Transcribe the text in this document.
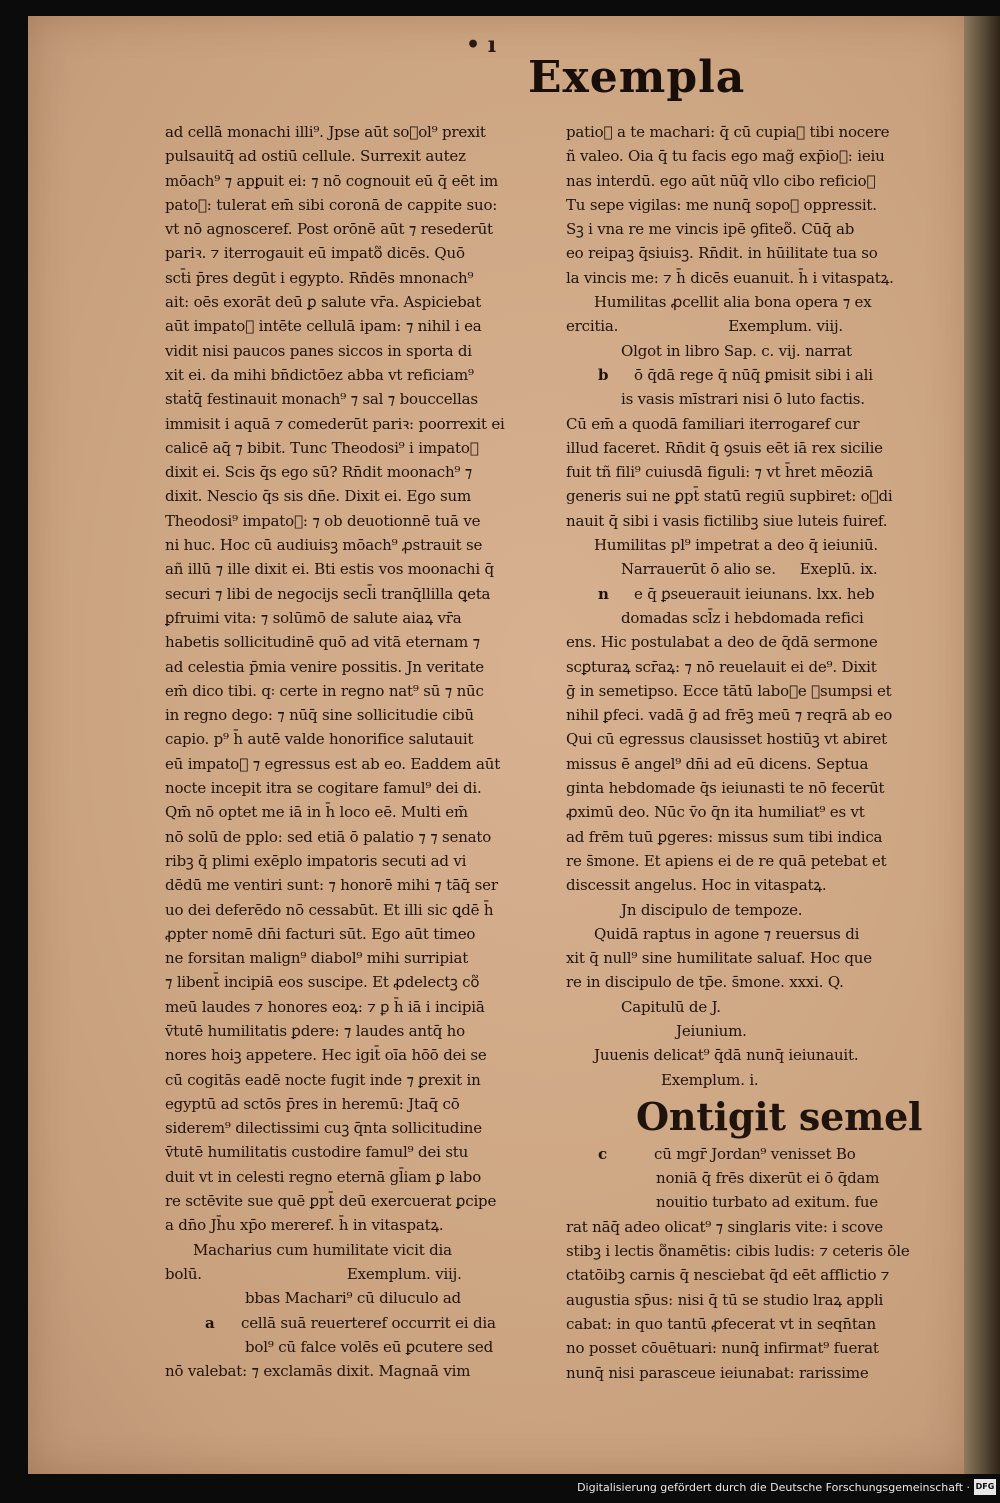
• ı
Exempla
ad cellā monachi illi⁹. Jpse aūt so᷑ol⁹ prexit
pulsauitq̄ ad ostiū cellule. Surrexit autez
mōach⁹ ⁊ apꝑuit ei: ⁊ nō cognouit eū q̄ eēt im
pato᷑: tulerat em̄ sibi coronā de cappite suo:
vt nō agnosceref. Post orōnē aūt ⁊ resederūt
pariꝛ. ⁊ iterrogauit eū impato᷑ dicēs. Quō
sct̄i p̄res degūt i egypto. Rn̄dēs mnonach⁹
ait: oēs exorāt deū ꝑ salute vr̄a. Aspiciebat
aūt impato᷑ intēte cellulā ipam: ⁊ nihil i ea
vidit nisi paucos panes siccos in sporta di
xit ei. da mihi bn̄dictōez abba vt reficiam⁹
staṫq̄ festinauit monach⁹ ⁊ sal ⁊ bouccellas
immisit i aquā ⁊ comederūt pariꝛ: poorrexit ei
calicē aq̄ ⁊ bibit. Tunc Theodosi⁹ i impato᷑
dixit ei. Scis q̄s ego sū? Rn̄dit moonach⁹ ⁊
dixit. Nescio q̄s sis dn̄e. Dixit ei. Ego sum
Theodosi⁹ impato᷑: ⁊ ob deuotionnē tuā ve
ni huc. Hoc cū audiuisꝫ mōach⁹ ꝓstrauit se
añ illū ⁊ ille dixit ei. Bti estis vos moonachi q̄
securi ⁊ libi de negocijs secl̄i tranq̄llilla ꝗeta
ꝑfruimi vita: ⁊ solūmō de salute aiaꝝ vr̄a
habetis sollicitudinē quō ad vitā eternam ⁊
ad celestia p̄mia venire possitis. Jn veritate
em̄ dico tibi. q꞉ certe in regno nat⁹ sū ⁊ nūc
in regno dego: ⁊ nūq̄ sine sollicitudie cibū
capio. p⁹ h̄ autē valde honorifice salutauit
eū impato᷑ ⁊ egressus est ab eo. Eaddem aūt
nocte incepit itra se cogitare famul⁹ dei di.
Qm̄ nō optet me iā in h̄ loco eē. Multi em̄
nō solū de pplo: sed etiā ō palatio ⁊ ⁊ senato
ribꝫ q̄ plimi exēplo impatoris secuti ad vi
dēdū me ventiri sunt: ⁊ honorē mihi ⁊ tāq̄ ser
uo dei deferēdo nō cessabūt. Et illi sic ꝗdē h̄
ꝓpter nomē dn̄i facturi sūt. Ego aūt timeo
ne forsitan malign⁹ diabol⁹ mihi surripiat
⁊ libent̄ incipiā eos suscipe. Et ꝓdelectꝫ co᷑
meū laudes ⁊ honores eoꝝ: ⁊ ꝑ h̄ iā i incipiā
v̄tutē humilitatis ꝑdere: ⁊ laudes antq̄ ho
nores hoiꝫ appetere. Hec igit̄ oīa hōō dei se
cū cogitās eadē nocte fugit inde ⁊ ꝑrexit in
egyptū ad sctōs p̄res in heremū: Jtaq̄ cō
siderem⁹ dilectissimi cuꝫ q̄nta sollicitudine
v̄tutē humilitatis custodire famul⁹ dei stu
duit vt in celesti regno eternā gl̄iam ꝑ labo
re sctēvite sue quē ꝑpt̄ deū exercuerat ꝑcipe
a dn̄o Jh̄u xp̄o mereref. h̄ in vitaspatꝝ.
Macharius cum humilitate vicit dia
bolū.	Exemplum. viij.
bbas Machari⁹ cū diluculo ad
a cellā suā reuerteref occurrit ei dia
bol⁹ cū falce volēs eū ꝑcutere sed
nō valebat: ⁊ exclamās dixit. Magnaā vim
patio᷑ a te machari: q̄ cū cupiaꝫ tibi nocere
ñ valeo. Oia q̄ tu facis ego mag̃ exp̄io᷑: ieiu
nas interdū. ego aūt nūq̄ vllo cibo reficio᷑
Tu sepe vigilas: me nunq̄ sopo᷑ oppressit.
Sꝫ i vna re me vincis ipē ꝯfiteo᷑. Cūq̄ ab
eo reipaꝫ q̄siuisꝫ. Rn̄dit. in hūilitate tua so
la vincis me: ⁊ h̄ dicēs euanuit. h̄ i vitaspatꝝ.
Humilitas ꝓcellit alia bona opera ⁊ ex
ercitia.	Exemplum. viij.
Olgot in libro Sap. c. vij. narrat
b ō q̄dā rege q̄ nūq̄ ꝑmisit sibi i ali
is vasis mīstrari nisi ō luto factis.
Cū em̄ a quodā familiari iterrogaref cur
illud faceret. Rn̄dit q̄ ꝯsuis eēt iā rex sicilie
fuit tñ fili⁹ cuiusdā figuli: ⁊ vt h̄ret mēoziā
generis sui ne ꝑpt̄ statū regiū supbiret: o᷑di
nauit q̄ sibi i vasis fictilibꝫ siue luteis fuiref.
Humilitas pl⁹ impetrat a deo q̄ ieiuniū.
Narrauerūt ō alio se. Exeplū. ix.
n e q̄ ꝑseuerauit ieiunans. lxx. heb
domadas scl̄z i hebdomada refici
ens. Hic postulabat a deo de q̄dā sermone
scꝑturaꝝ scr̄aꝝ: ⁊ nō reuelauit ei de⁹. Dixit
ḡ in semetipso. Ecce tātū labo᷑e ꝯsumpsi et
nihil ꝑfeci. vadā ḡ ad frēꝫ meū ⁊ reqrā ab eo
Qui cū egressus clausisset hostiūꝫ vt abiret
missus ē angel⁹ dn̄i ad eū dicens. Septua
ginta hebdomade q̄s ieiunasti te nō fecerūt
ꝓximū deo. Nūc v̄o q̄n ita humiliat⁹ es vt
ad frēm tuū ꝑgeres: missus sum tibi indica
re s̄mone. Et apiens ei de re quā petebat et
discessit angelus. Hoc in vitaspatꝝ.
Jn discipulo de tempoze.
Quidā raptus in agone ⁊ reuersus di
xit q̄ null⁹ sine humilitate saluaf. Hoc que
re in discipulo de tp̄e. s̄mone. xxxi. Q.
Capitulū de J.
Jeiunium.
Juuenis delicat⁹ q̄dā nunq̄ ieiunauit.
Exemplum. i.
Ontigit semel
c	cū mgr̄ Jordan⁹ venisset Bo
noniā q̄ frēs dixerūt ei ō q̄dam
nouitio turbato ad exitum. fue
rat nāq̄ adeo olicat⁹ ⁊ singlaris vite: i scove
stibꝫ i lectis o᷑namētis: cibis ludis: ⁊ ceteris ōle
ctatōibꝫ carnis q̄ nesciebat q̄d eēt afflictio ⁊
augustia sp̄us: nisi q̄ tū se studio lraꝝ appli
cabat: in quo tantū ꝓfecerat vt in seqn̄tan
no posset cōuētuari: nunq̄ infirmat⁹ fuerat
nunq̄ nisi parasceue ieiunabat: rarissime
Digitalisierung gefördert durch die Deutsche Forschungsgemeinschaft · DFG
